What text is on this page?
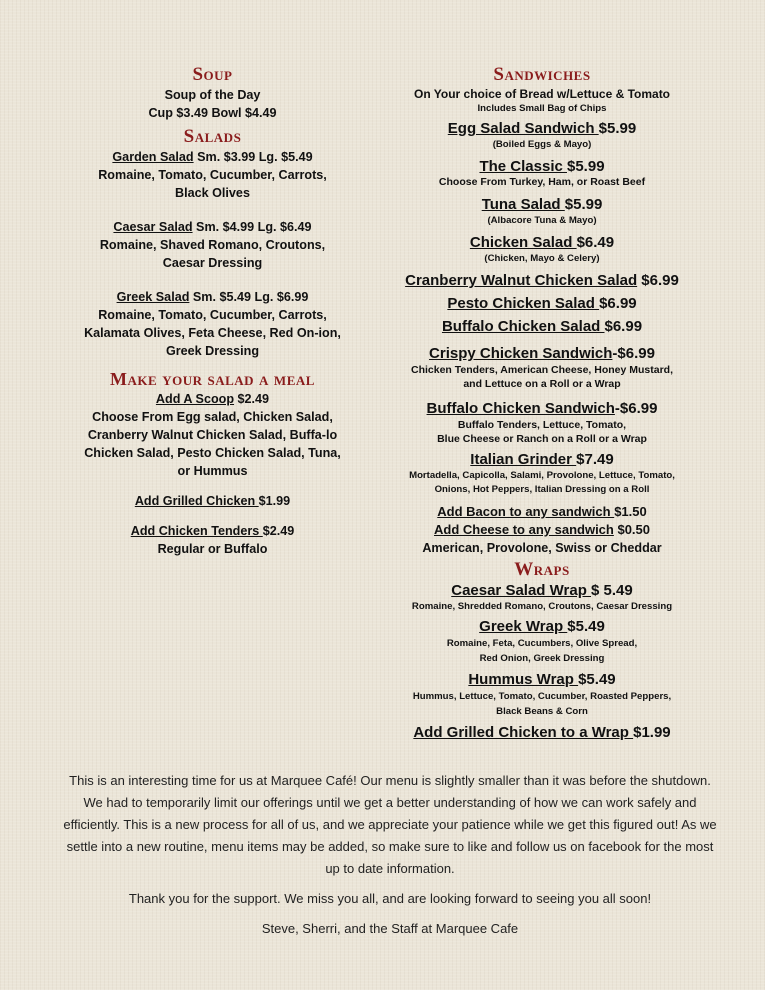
Soup
Soup of the Day
Cup $3.49 Bowl $4.49
Salads
Garden Salad Sm. $3.99 Lg. $5.49
Romaine, Tomato, Cucumber, Carrots, Black Olives
Caesar Salad Sm. $4.99 Lg. $6.49
Romaine, Shaved Romano, Croutons, Caesar Dressing
Greek Salad Sm. $5.49 Lg. $6.99
Romaine, Tomato, Cucumber, Carrots, Kalamata Olives, Feta Cheese, Red On-ion, Greek Dressing
Make your salad a meal
Add A Scoop $2.49
Choose From Egg salad, Chicken Salad, Cranberry Walnut Chicken Salad, Buffa-lo Chicken Salad, Pesto Chicken Salad, Tuna, or Hummus
Add Grilled Chicken $1.99
Add Chicken Tenders $2.49
Regular or Buffalo
Sandwiches
On Your choice of Bread w/Lettuce & Tomato
Includes Small Bag of Chips
Egg Salad Sandwich $5.99
(Boiled Eggs & Mayo)
The Classic $5.99
Choose From Turkey, Ham, or Roast Beef
Tuna Salad $5.99
(Albacore Tuna & Mayo)
Chicken Salad $6.49
(Chicken, Mayo & Celery)
Cranberry Walnut Chicken Salad $6.99
Pesto Chicken Salad $6.99
Buffalo Chicken Salad $6.99
Crispy Chicken Sandwich-$6.99
Chicken Tenders, American Cheese, Honey Mustard,
and Lettuce on a Roll or a Wrap
Buffalo Chicken Sandwich-$6.99
Buffalo Tenders, Lettuce, Tomato,
Blue Cheese or Ranch on a Roll or a Wrap
Italian Grinder $7.49
Mortadella, Capicolla, Salami, Provolone, Lettuce, Tomato,
Onions, Hot Peppers, Italian Dressing on a Roll
Add Bacon to any sandwich $1.50
Add Cheese to any sandwich $0.50
American, Provolone, Swiss or Cheddar
Wraps
Caesar Salad Wrap $ 5.49
Romaine, Shredded Romano, Croutons, Caesar Dressing
Greek Wrap $5.49
Romaine, Feta, Cucumbers, Olive Spread,
Red Onion, Greek Dressing
Hummus Wrap $5.49
Hummus, Lettuce, Tomato, Cucumber, Roasted Peppers,
Black Beans & Corn
Add Grilled Chicken to a Wrap $1.99

This is an interesting time for us at Marquee Café! Our menu is slightly smaller than it was before the shutdown. We had to temporarily limit our offerings until we get a better understanding of how we can work safely and efficiently. This is a new process for all of us, and we appreciate your patience while we get this figured out! As we settle into a new routine, menu items may be added, so make sure to like and follow us on facebook for the most up to date information.

Thank you for the support. We miss you all, and are looking forward to seeing you all soon!

Steve, Sherri, and the Staff at Marquee Cafe
